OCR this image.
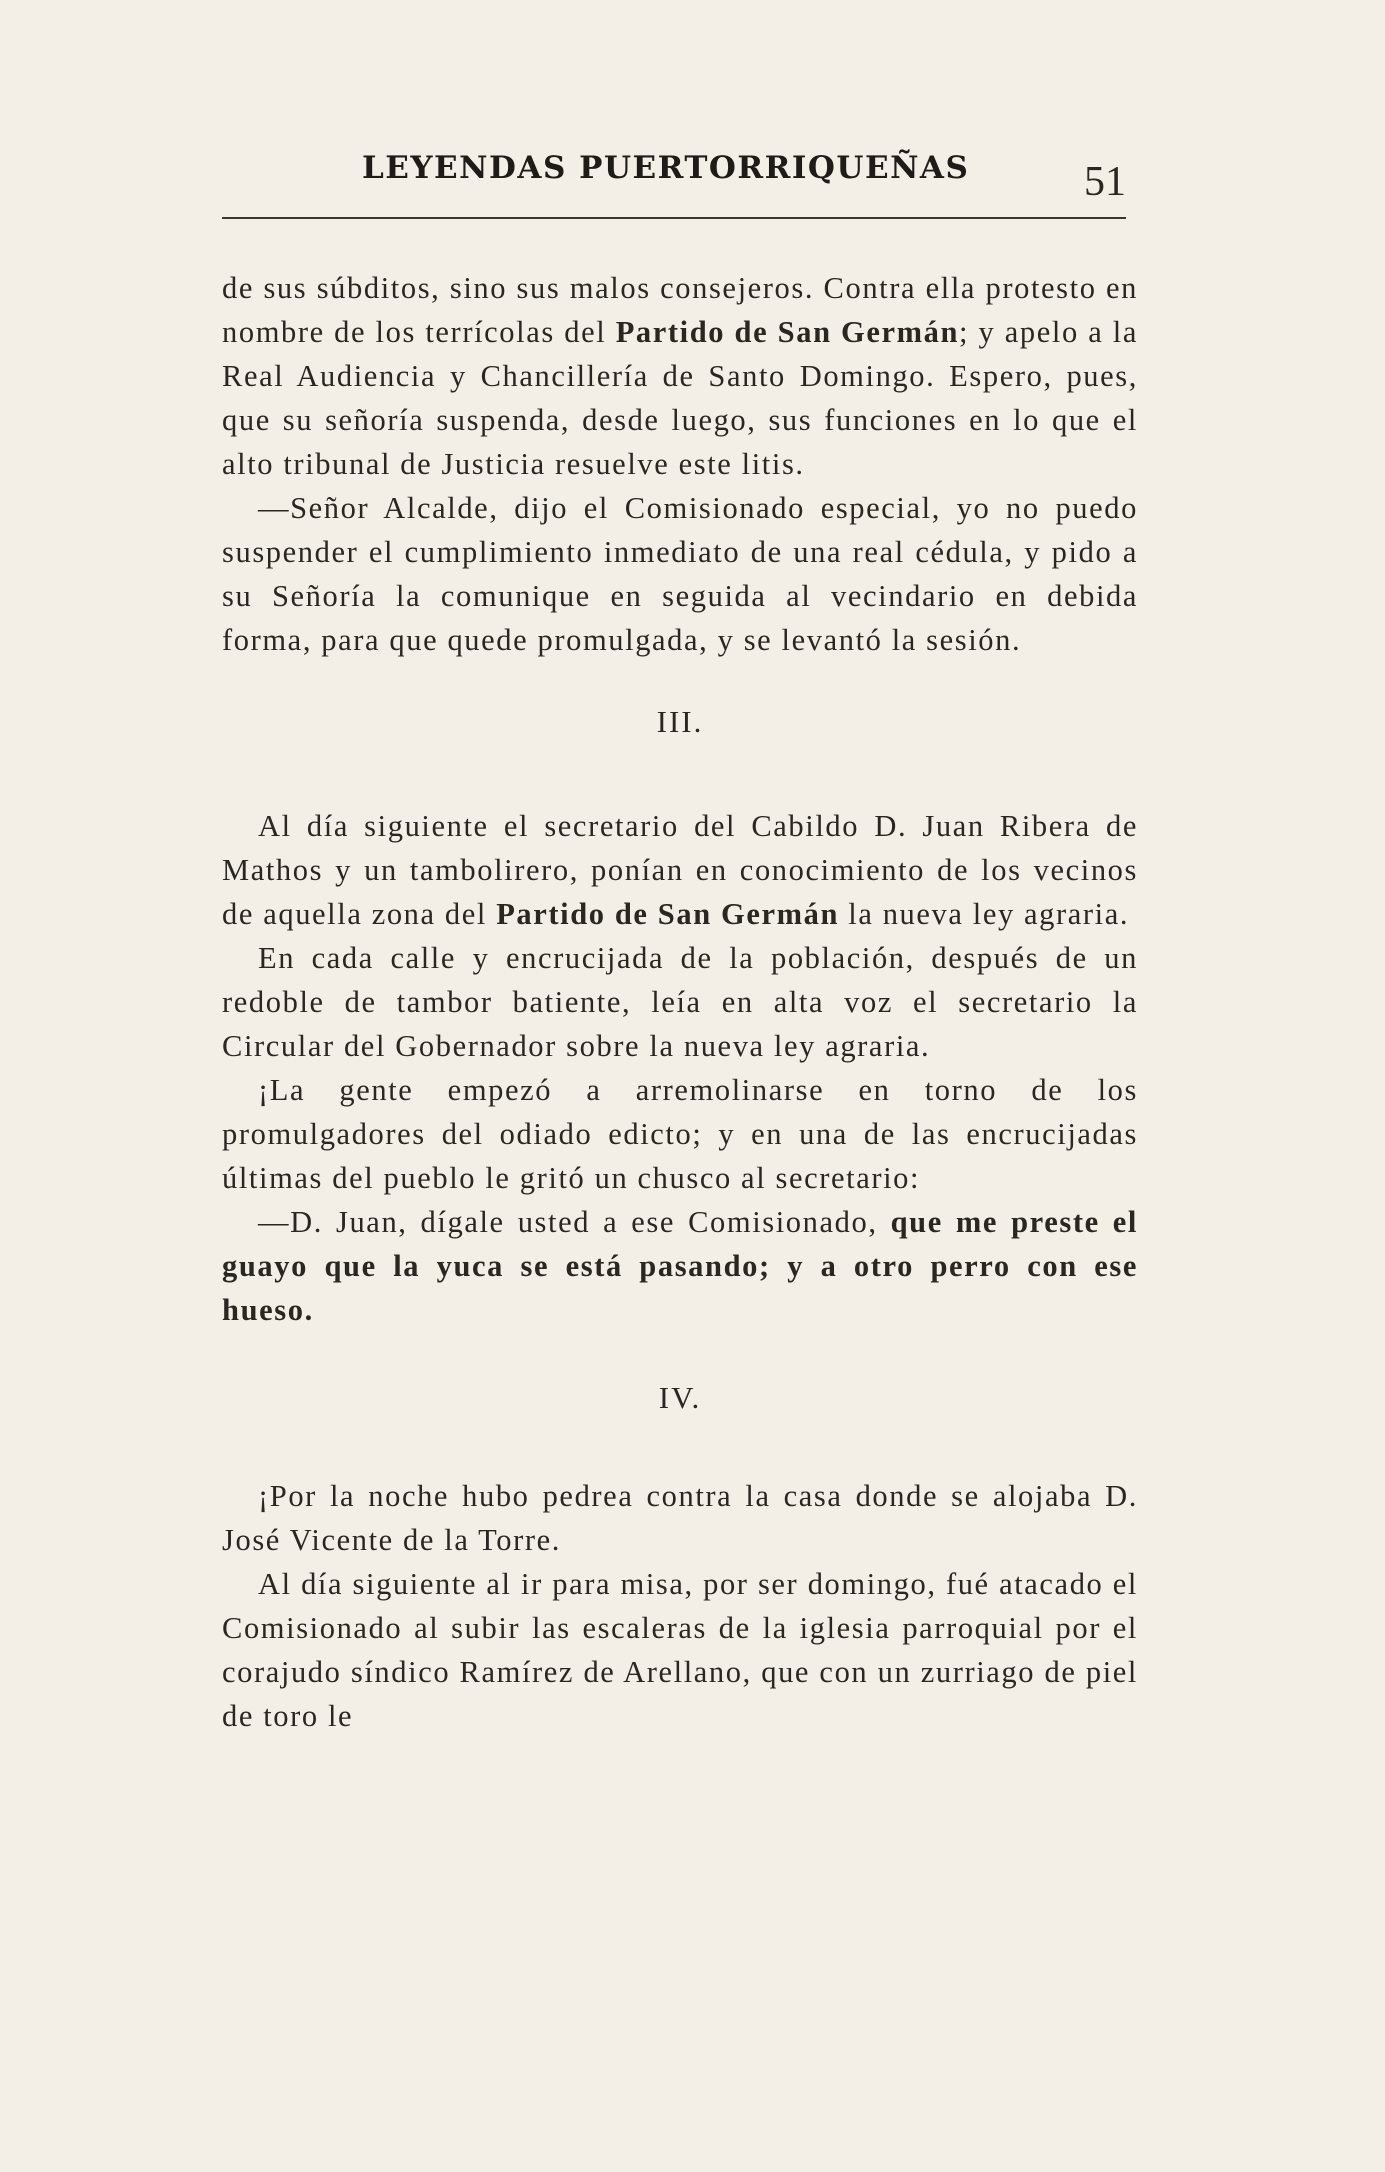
LEYENDAS PUERTORRIQUEÑAS	51

de sus súbditos, sino sus malos consejeros. Contra ella protesto en nombre de los terrícolas del Partido de San Germán; y apelo a la Real Audiencia y Chancillería de Santo Domingo. Espero, pues, que su señoría suspenda, desde luego, sus funciones en lo que el alto tribunal de Justicia resuelve este litis.

—Señor Alcalde, dijo el Comisionado especial, yo no puedo suspender el cumplimiento inmediato de una real cédula, y pido a su Señoría la comunique en seguida al vecindario en debida forma, para que quede promulgada, y se levantó la sesión.

III.

Al día siguiente el secretario del Cabildo D. Juan Ribera de Mathos y un tambolirero, ponían en conocimiento de los vecinos de aquella zona del Partido de San Germán la nueva ley agraria.

En cada calle y encrucijada de la población, después de un redoble de tambor batiente, leía en alta voz el secretario la Circular del Gobernador sobre la nueva ley agraria.

¡La gente empezó a arremolinarse en torno de los promulgadores del odiado edicto; y en una de las encrucijadas últimas del pueblo le gritó un chusco al secretario:

—D. Juan, dígale usted a ese Comisionado, que me preste el guayo que la yuca se está pasando; y a otro perro con ese hueso.

IV.

¡Por la noche hubo pedrea contra la casa donde se alojaba D. José Vicente de la Torre.

Al día siguiente al ir para misa, por ser domingo, fué atacado el Comisionado al subir las escaleras de la iglesia parroquial por el corajudo síndico Ramírez de Arellano, que con un zurriago de piel de toro le
